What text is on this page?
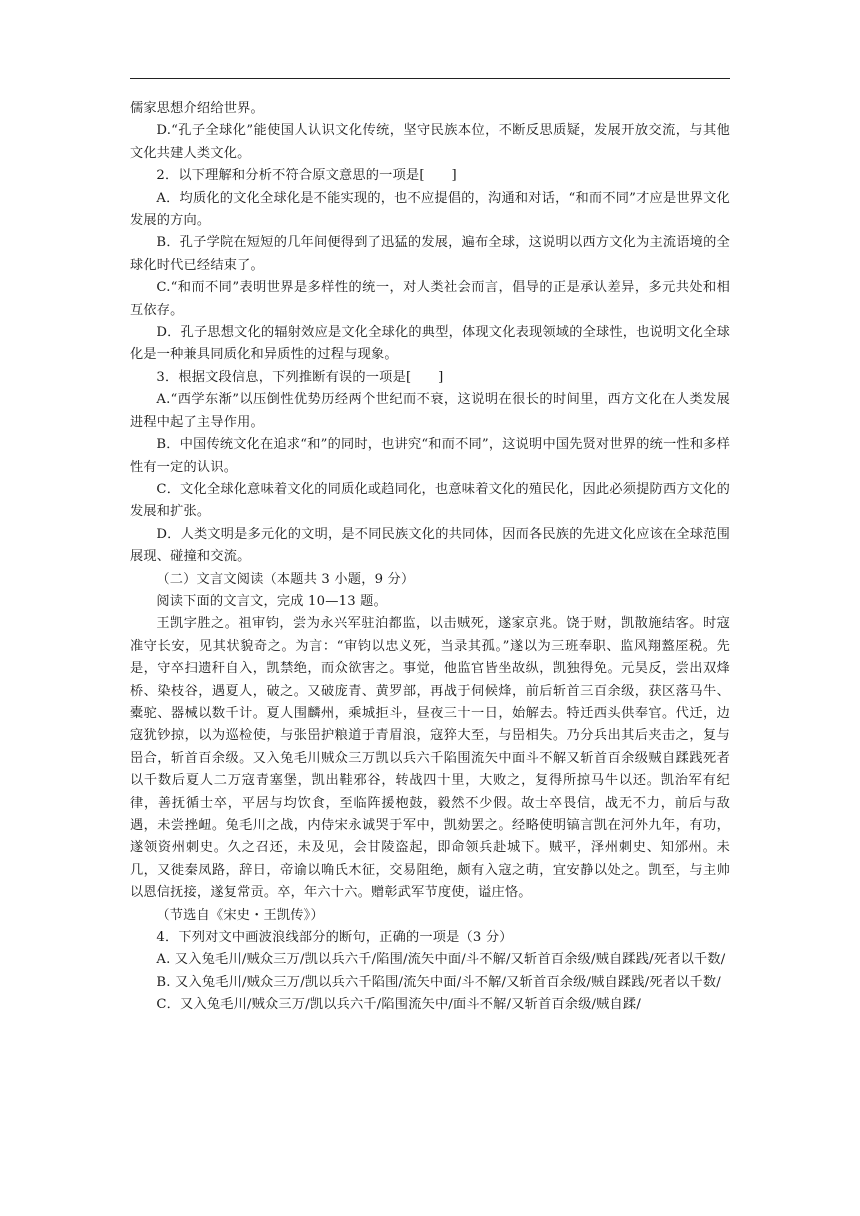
儒家思想介绍给世界。

D.“孔子全球化”能使国人认识文化传统，坚守民族本位，不断反思质疑，发展开放交流，与其他文化共建人类文化。

2．以下理解和分析不符合原文意思的一项是[　　]

A．均质化的文化全球化是不能实现的，也不应提倡的，沟通和对话，“和而不同”才应是世界文化发展的方向。

B．孔子学院在短短的几年间便得到了迅猛的发展，遍布全球，这说明以西方文化为主流语境的全球化时代已经结束了。

C.“和而不同”表明世界是多样性的统一，对人类社会而言，倡导的正是承认差异，多元共处和相互依存。

D．孔子思想文化的辐射效应是文化全球化的典型，体现文化表现领域的全球性，也说明文化全球化是一种兼具同质化和异质性的过程与现象。

3．根据文段信息，下列推断有误的一项是[　　]

A.“西学东渐”以压倒性优势历经两个世纪而不衰，这说明在很长的时间里，西方文化在人类发展进程中起了主导作用。

B．中国传统文化在追求“和”的同时，也讲究“和而不同”，这说明中国先贤对世界的统一性和多样性有一定的认识。

C．文化全球化意味着文化的同质化或趋同化，也意味着文化的殖民化，因此必须提防西方文化的发展和扩张。

D．人类文明是多元化的文明，是不同民族文化的共同体，因而各民族的先进文化应该在全球范围展现、碰撞和交流。

（二）文言文阅读（本题共 3 小题，9 分）

阅读下面的文言文，完成 10—13 题。

王凯字胜之。祖审钧，尝为永兴军驻泊都监，以击贼死，遂家京兆。饶于财，凯散施结客。时寇准守长安，见其状貌奇之。为言：“审钧以忠义死，当录其孤。”遂以为三班奉职、监风翔盩厔税。先是，守卒扫遗秆自入，凯禁绝，而众欲害之。事觉，他监官皆坐故纵，凯独得免。元昊反，尝出双烽桥、染枝谷，遇夏人，破之。又破庞青、黄罗部，再战于伺候烽，前后斩首三百余级，获区落马牛、橐驼、器械以数千计。夏人围麟州，乘城拒斗，昼夜三十一日，始解去。特迁西头供奉官。代迁，边寇犹钞掠，以为巡检使，与张岊护粮道于青眉浪，寇猝大至，与岊相失。乃分兵出其后夹击之，复与岊合，斩首百余级。又入兔毛川贼众三万凯以兵六千陷围流矢中面斗不解又斩首百余级贼自蹂践死者以千数后夏人二万寇青塞堡，凯出鞋邪谷，转战四十里，大败之，复得所掠马牛以还。凯治军有纪律，善抚循士卒，平居与均饮食，至临阵援枹鼓，毅然不少假。故士卒畏信，战无不力，前后与敌遇，未尝挫衄。兔毛川之战，内侍宋永诚哭于军中，凯劾罢之。经略使明镐言凯在河外九年，有功，遂领资州刺史。久之召还，未及见，会甘陵盗起，即命领兵赴城下。贼平，泽州刺史、知邠州。未几，又徙秦凤路，辞日，帝谕以唃氏木征，交易阻绝，颇有入寇之萌，宜安静以处之。凯至，与主帅以恩信抚接，遂复常贡。卒，年六十六。赠彰武军节度使，谥庄恪。

（节选自《宋史・王凯传》）

4．下列对文中画波浪线部分的断句，正确的一项是（3 分）

A. 又入兔毛川/贼众三万/凯以兵六千/陷围/流矢中面/斗不解/又斩首百余级/贼自蹂践/死者以千数/

B. 又入兔毛川/贼众三万/凯以兵六千陷围/流矢中面/斗不解/又斩首百余级/贼自蹂践/死者以千数/

C．又入兔毛川/贼众三万/凯以兵六千/陷围流矢中/面斗不解/又斩首百余级/贼自蹂/
